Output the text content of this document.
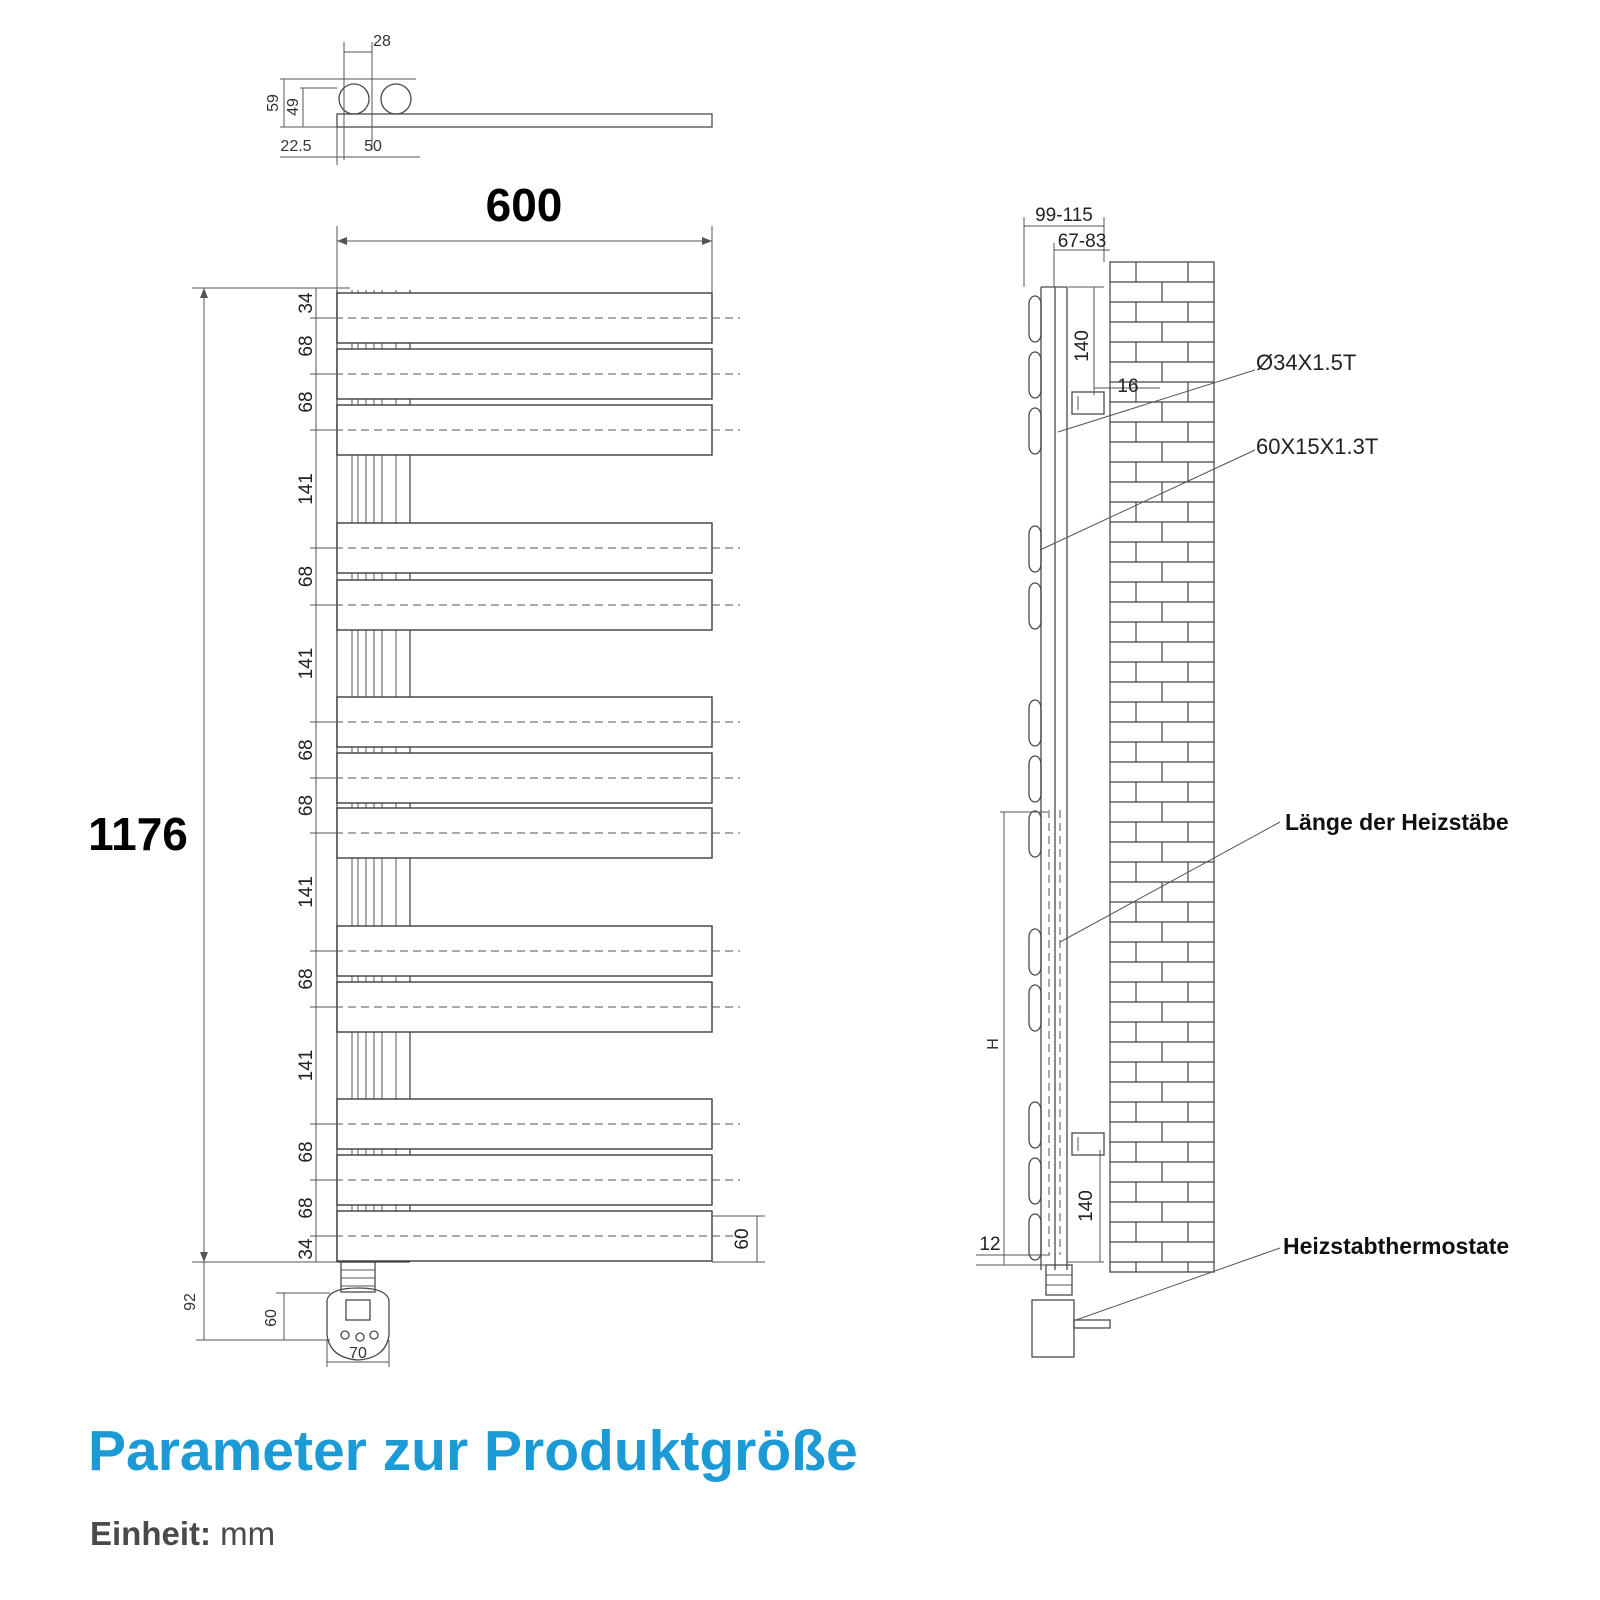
28
59 49
22.5	50
600
1176
34
68
68
141
68
141
68
68
141
68
141
68
68
34	60
92
60
70
99-115
67-83
140
16
140
H
12
Ø34X1.5T
60X15X1.3T
Länge der Heizstäbe
Heizstabthermostate
Parameter zur Produktgröße
Einheit: mm
